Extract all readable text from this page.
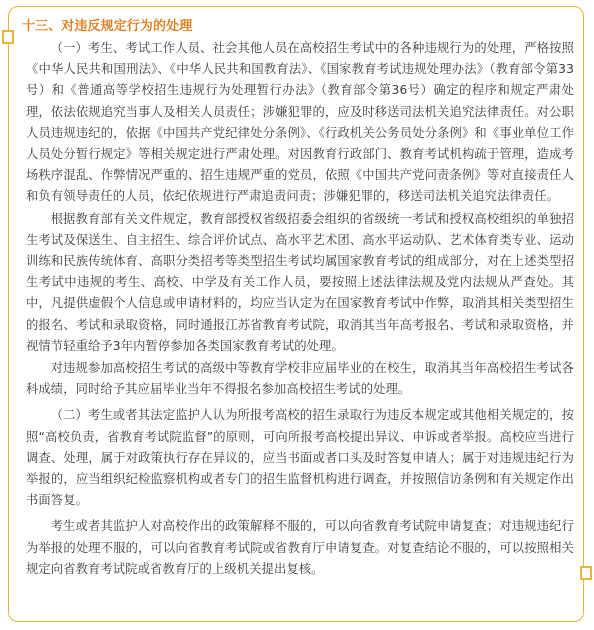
十三、对违反规定行为的处理

（一）考生、考试工作人员、社会其他人员在高校招生考试中的各种违规行为的处理，严格按照《中华人民共和国刑法》、《中华人民共和国教育法》、《国家教育考试违规处理办法》（教育部令第33号）和《普通高等学校招生违规行为处理暂行办法》（教育部令第36号）确定的程序和规定严肃处理，依法依规追究当事人及相关人员责任；涉嫌犯罪的，应及时移送司法机关追究法律责任。对公职人员违规违纪的，依据《中国共产党纪律处分条例》、《行政机关公务员处分条例》和《事业单位工作人员处分暂行规定》等相关规定进行严肃处理。对因教育行政部门、教育考试机构疏于管理，造成考场秩序混乱、作弊情况严重的、招生违规严重的党员，依照《中国共产党问责条例》等对直接责任人和负有领导责任的人员，依纪依规进行严肃追责问责；涉嫌犯罪的，移送司法机关追究法律责任。

根据教育部有关文件规定，教育部授权省级招委会组织的省级统一考试和授权高校组织的单独招生考试及保送生、自主招生、综合评价试点、高水平艺术团、高水平运动队、艺术体育类专业、运动训练和民族传统体育、高职分类招考等类型招生考试均属国家教育考试的组成部分，对在上述类型招生考试中违规的考生、高校、中学及有关工作人员，要按照上述法律法规及党内法规从严查处。其中，凡提供虚假个人信息或申请材料的，均应当认定为在国家教育考试中作弊，取消其相关类型招生的报名、考试和录取资格，同时通报江苏省教育考试院，取消其当年高考报名、考试和录取资格，并视情节轻重给予3年内暂停参加各类国家教育考试的处理。

对违规参加高校招生考试的高级中等教育学校非应届毕业的在校生，取消其当年高校招生考试各科成绩，同时给予其应届毕业当年不得报名参加高校招生考试的处理。

（二）考生或者其法定监护人认为所报考高校的招生录取行为违反本规定或其他相关规定的，按照“高校负责，省教育考试院监督”的原则，可向所报考高校提出异议、申诉或者举报。高校应当进行调查、处理，属于对政策执行存在异议的，应当书面或者口头及时答复申请人；属于对违规违纪行为举报的，应当组织纪检监察机构或者专门的招生监督机构进行调查，并按照信访条例和有关规定作出书面答复。

考生或者其监护人对高校作出的政策解释不服的，可以向省教育考试院申请复查；对违规违纪行为举报的处理不服的，可以向省教育考试院或省教育厅申请复查。对复查结论不服的，可以按照相关规定向省教育考试院或省教育厅的上级机关提出复核。
